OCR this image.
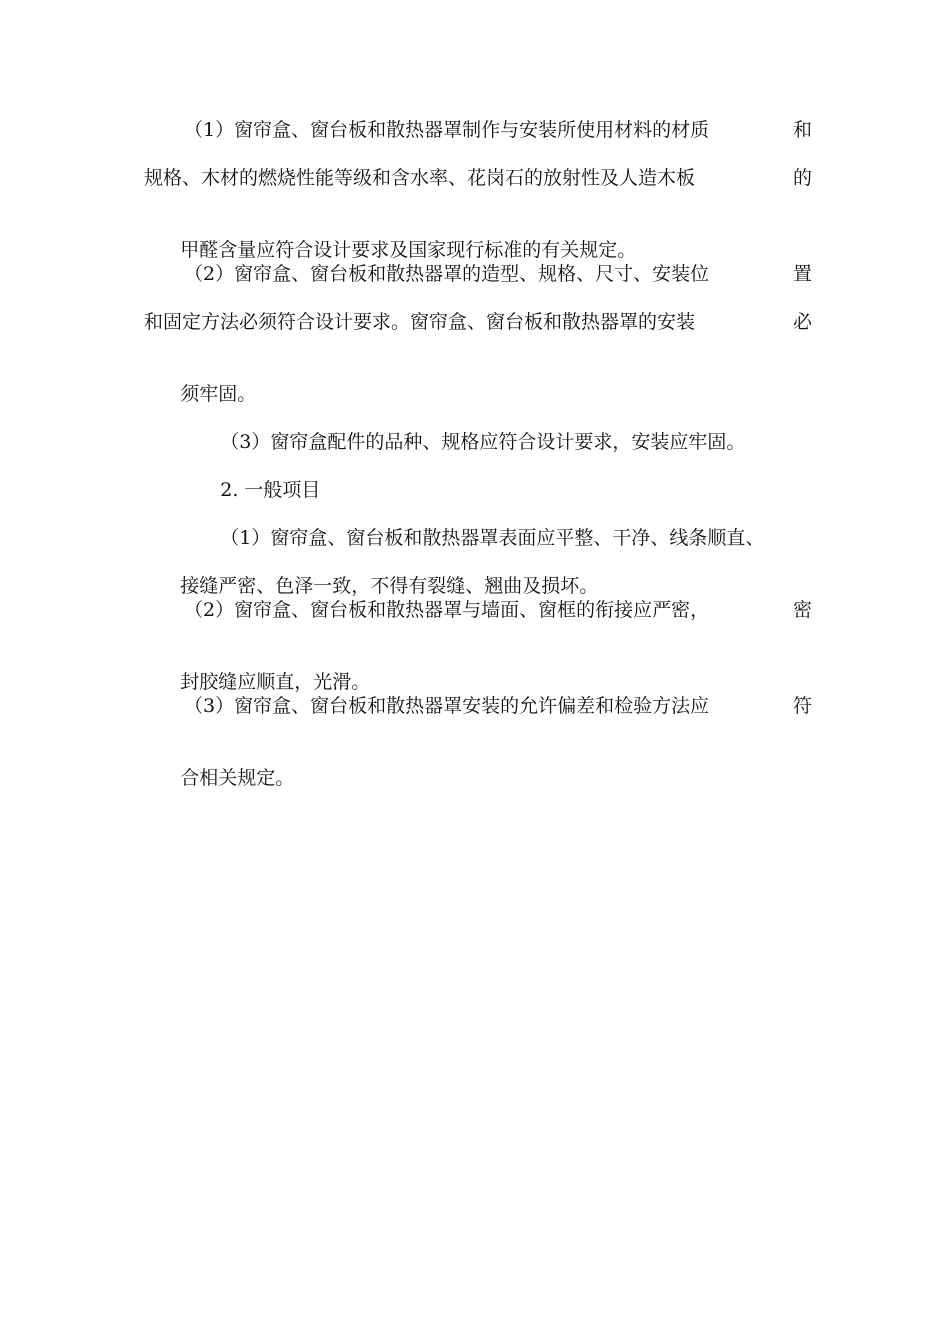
（1）窗帘盒、窗台板和散热器罩制作与安装所使用材料的材质	和
规格、木材的燃烧性能等级和含水率、花岗石的放射性及人造木板	的

甲醛含量应符合设计要求及国家现行标准的有关规定。

（2）窗帘盒、窗台板和散热器罩的造型、规格、尺寸、安装位	置
和固定方法必须符合设计要求。窗帘盒、窗台板和散热器罩的安装	必

须牢固。

（3）窗帘盒配件的品种、规格应符合设计要求，安装应牢固。

2. 一般项目

（1）窗帘盒、窗台板和散热器罩表面应平整、干净、线条顺直、

接缝严密、色泽一致，不得有裂缝、翘曲及损坏。

（2）窗帘盒、窗台板和散热器罩与墙面、窗框的衔接应严密，	密

封胶缝应顺直，光滑。

（3）窗帘盒、窗台板和散热器罩安装的允许偏差和检验方法应	符

合相关规定。
